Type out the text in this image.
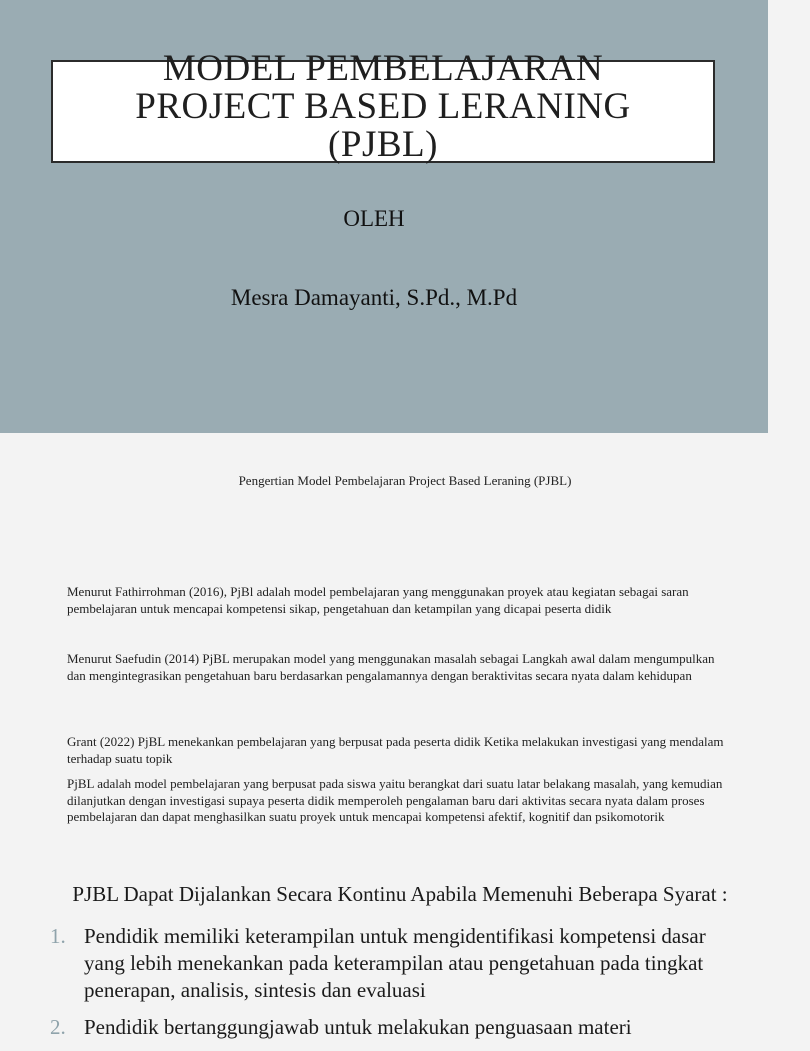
MODEL PEMBELAJARAN
PROJECT BASED LERANING
(PJBL)
OLEH
Mesra Damayanti, S.Pd., M.Pd
Pengertian Model Pembelajaran Project Based Leraning (PJBL)

Menurut Fathirrohman (2016), PjBl adalah model pembelajaran yang menggunakan proyek atau kegiatan sebagai saran pembelajaran untuk mencapai kompetensi sikap, pengetahuan dan ketampilan yang dicapai peserta didik

Menurut Saefudin (2014) PjBL merupakan model yang menggunakan masalah sebagai Langkah awal dalam mengumpulkan dan mengintegrasikan pengetahuan baru berdasarkan pengalamannya dengan beraktivitas secara nyata dalam kehidupan

Grant (2022) PjBL menekankan pembelajaran yang berpusat pada peserta didik Ketika melakukan investigasi yang mendalam terhadap suatu topik

PjBL adalah model pembelajaran yang berpusat pada siswa yaitu berangkat dari suatu latar belakang masalah, yang kemudian dilanjutkan dengan investigasi supaya peserta didik memperoleh pengalaman baru dari aktivitas secara nyata dalam proses pembelajaran dan dapat menghasilkan suatu proyek untuk mencapai kompetensi afektif, kognitif dan psikomotorik

PJBL Dapat Dijalankan Secara Kontinu Apabila Memenuhi Beberapa Syarat :
1. Pendidik memiliki keterampilan untuk mengidentifikasi kompetensi dasar yang lebih menekankan pada keterampilan atau pengetahuan pada tingkat penerapan, analisis, sintesis dan evaluasi
2. Pendidik bertanggungjawab untuk melakukan penguasaan materi
